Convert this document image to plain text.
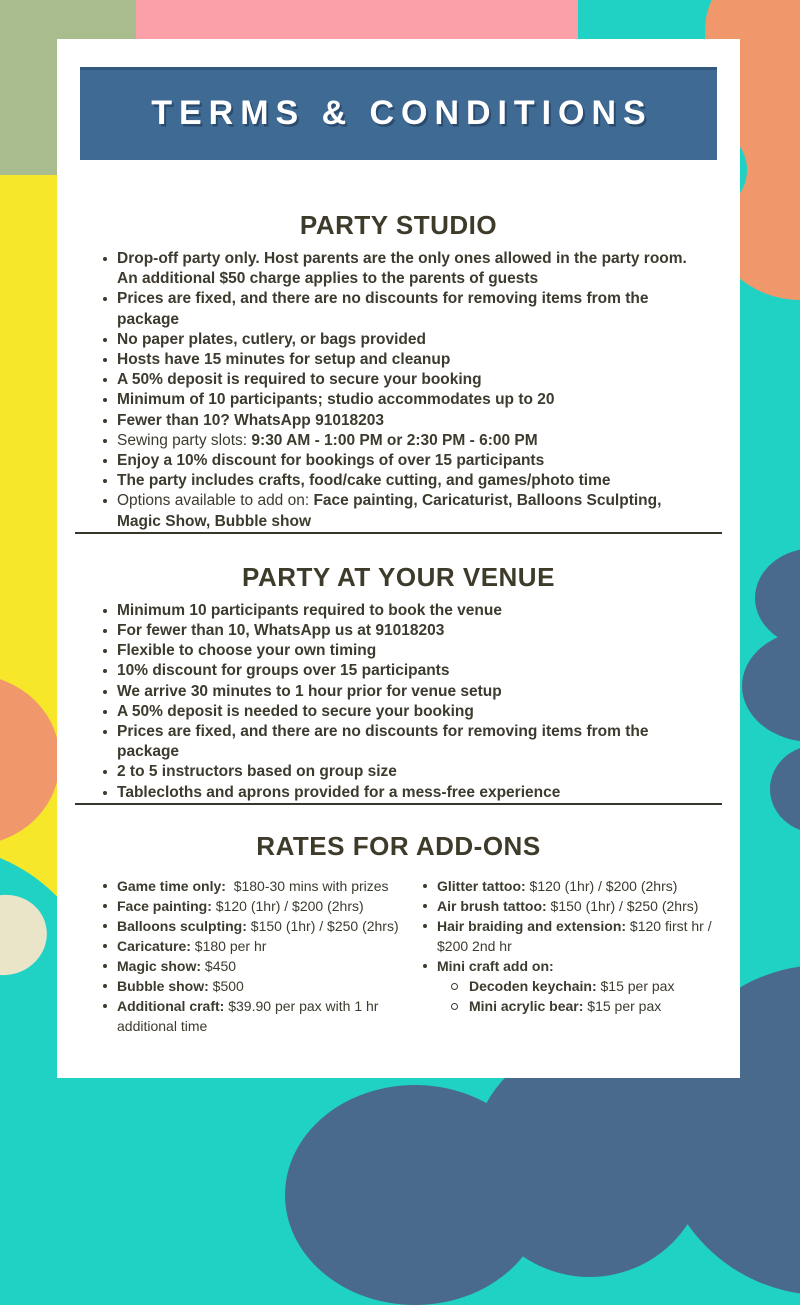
TERMS & CONDITIONS
PARTY STUDIO
Drop-off party only. Host parents are the only ones allowed in the party room. An additional $50 charge applies to the parents of guests
Prices are fixed, and there are no discounts for removing items from the package
No paper plates, cutlery, or bags provided
Hosts have 15 minutes for setup and cleanup
A 50% deposit is required to secure your booking
Minimum of 10 participants; studio accommodates up to 20
Fewer than 10? WhatsApp 91018203
Sewing party slots: 9:30 AM - 1:00 PM or 2:30 PM - 6:00 PM
Enjoy a 10% discount for bookings of over 15 participants
The party includes crafts, food/cake cutting, and games/photo time
Options available to add on: Face painting, Caricaturist, Balloons Sculpting, Magic Show, Bubble show
PARTY AT YOUR VENUE
Minimum 10 participants required to book the venue
For fewer than 10, WhatsApp us at 91018203
Flexible to choose your own timing
10% discount for groups over 15 participants
We arrive 30 minutes to 1 hour prior for venue setup
A 50% deposit is needed to secure your booking
Prices are fixed, and there are no discounts for removing items from the package
2 to 5 instructors based on group size
Tablecloths and aprons provided for a mess-free experience
RATES FOR ADD-ONS
Game time only:  $180-30 mins with prizes
Face painting: $120 (1hr) / $200 (2hrs)
Balloons sculpting: $150 (1hr) / $250 (2hrs)
Caricature: $180 per hr
Magic show: $450
Bubble show: $500
Additional craft: $39.90 per pax with 1 hr additional time
Glitter tattoo: $120 (1hr) / $200 (2hrs)
Air brush tattoo: $150 (1hr) / $250 (2hrs)
Hair braiding and extension: $120 first hr /  $200 2nd hr
Mini craft add on:
Decoden keychain: $15 per pax
Mini acrylic bear: $15 per pax
